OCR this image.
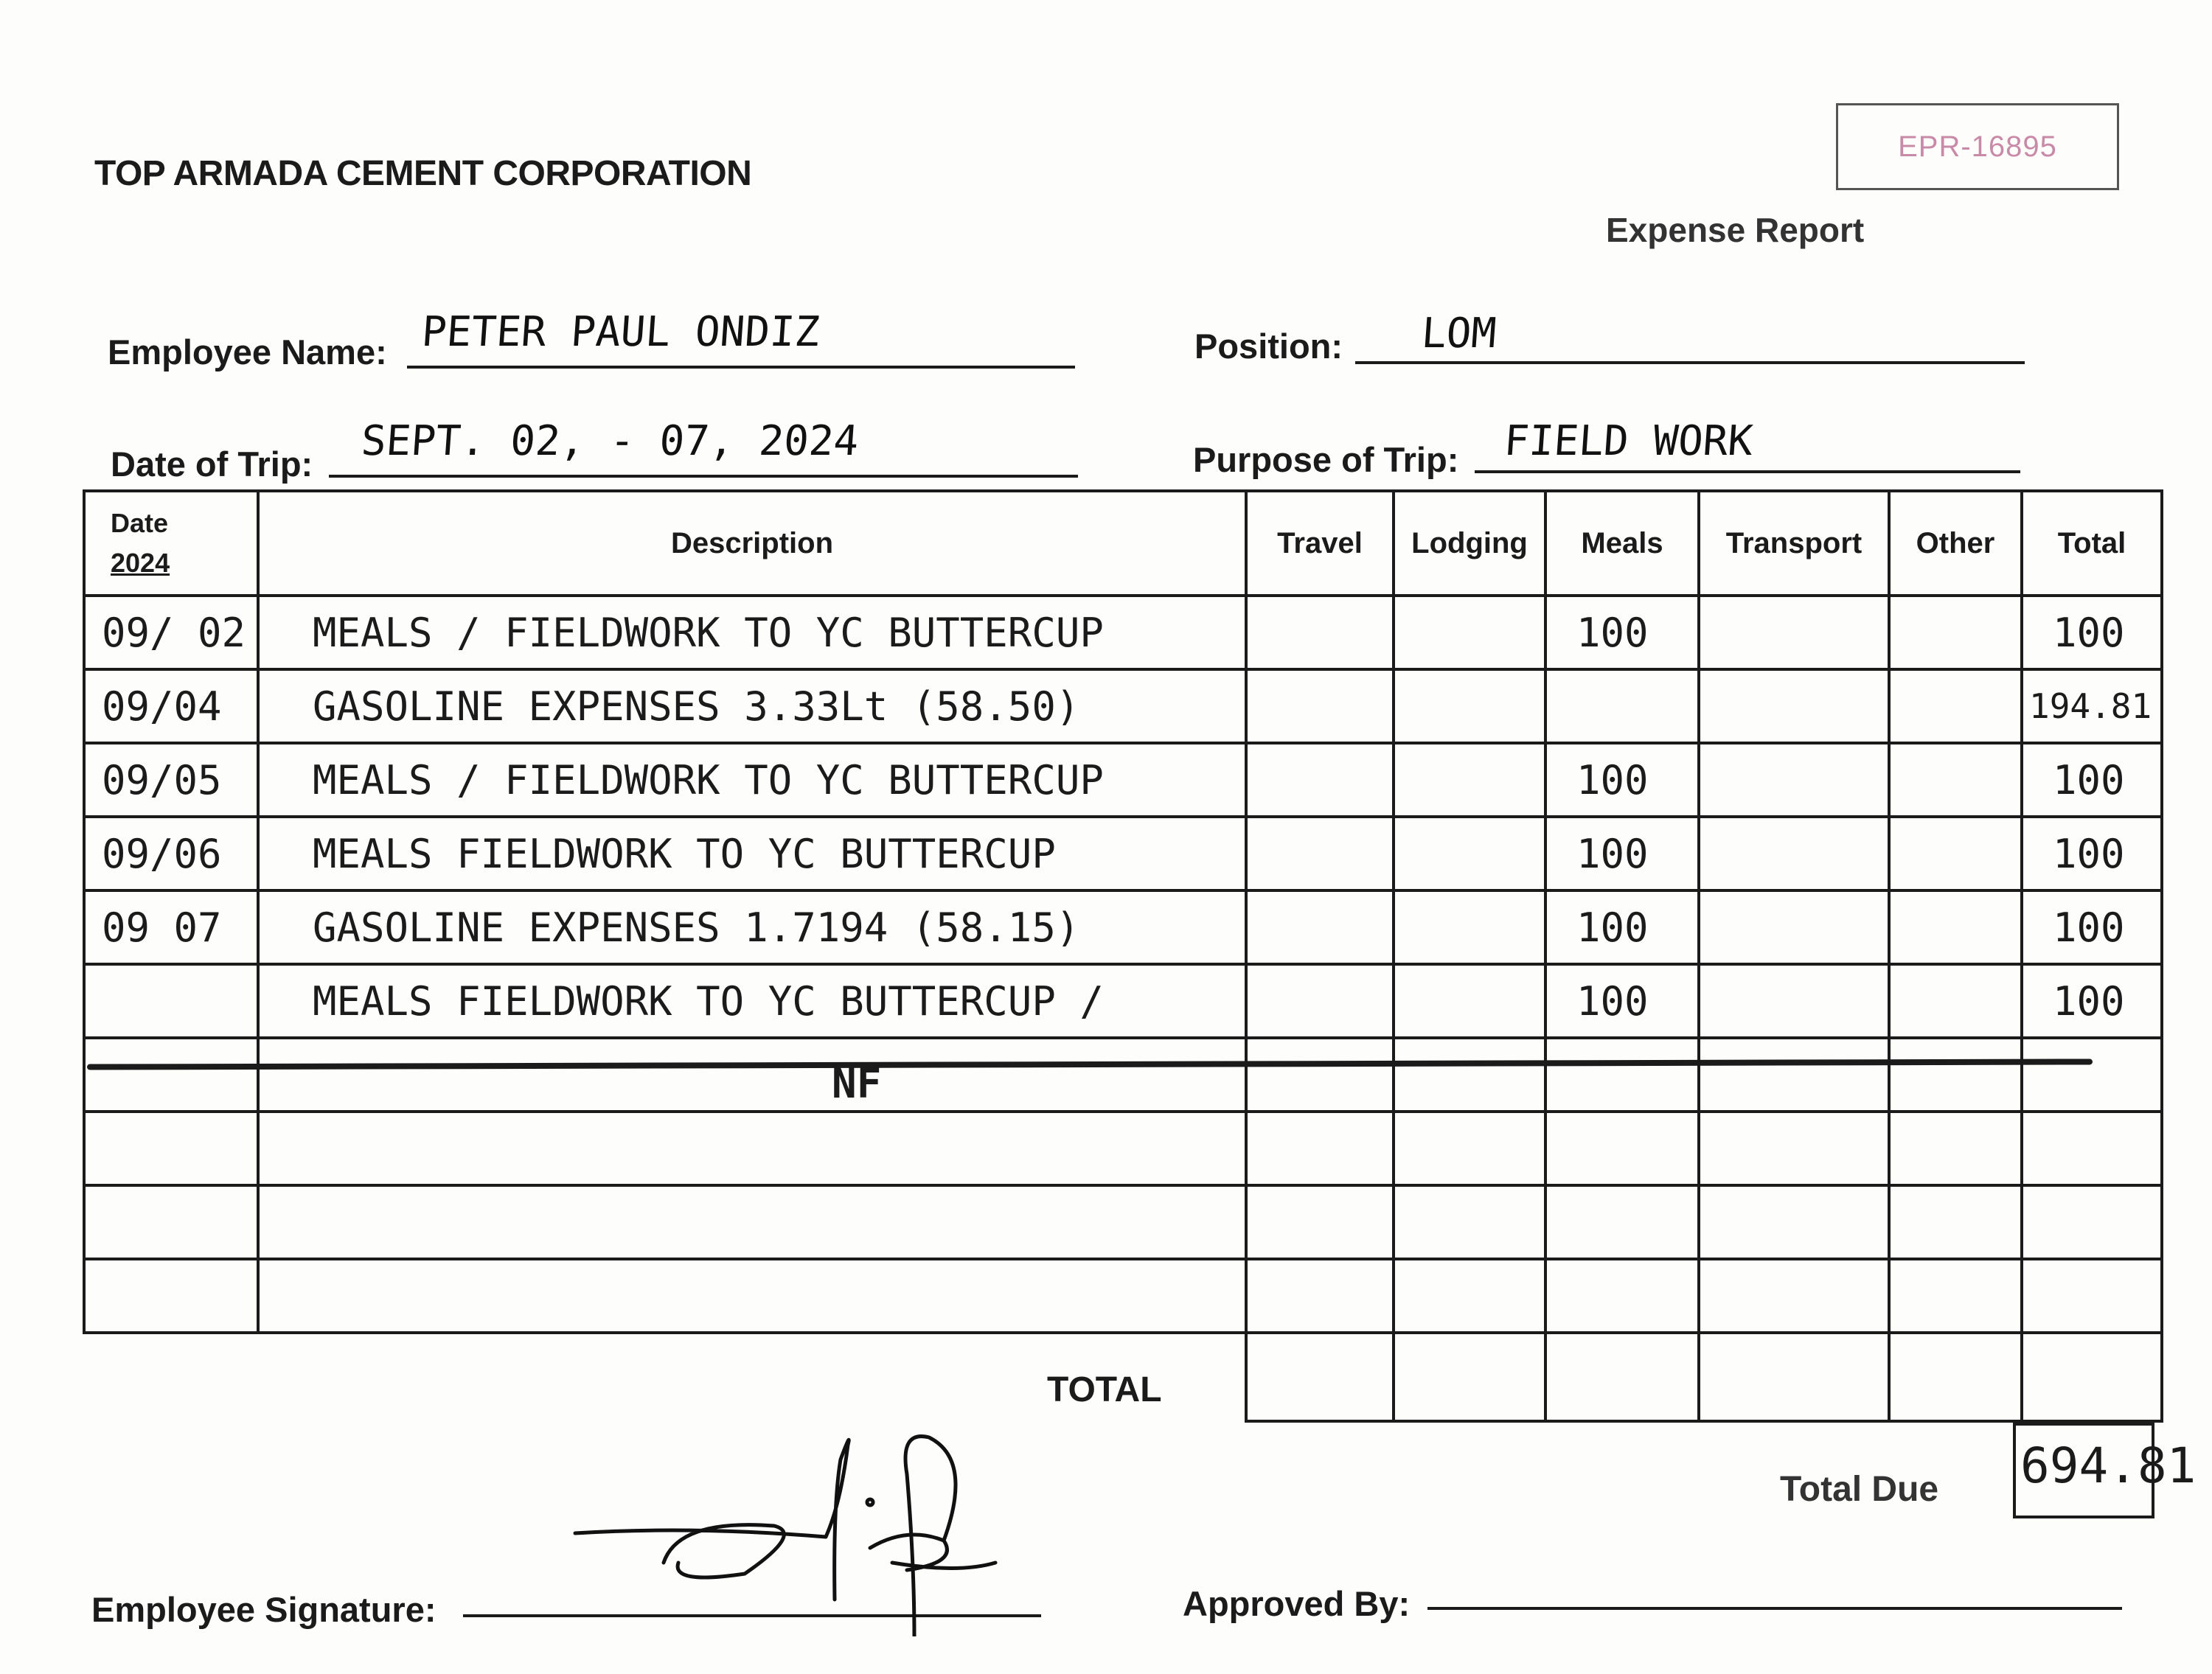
TOP ARMADA CEMENT CORPORATION
EPR-16895
Expense Report
Employee Name: PETER PAUL ONDIZ	Position: LOM
Date of Trip: SEPT. 02, - 07, 2024	Purpose of Trip: FIELD WORK
Date
2024	Description	Travel	Lodging	Meals	Transport	Other	Total
09/ 02	MEALS / FIELDWORK TO YC BUTTERCUP			100			100
09/04	GASOLINE EXPENSES 3.33Lt (58.50)						194.81
09/05	MEALS / FIELDWORK TO YC BUTTERCUP			100			100
09/06	MEALS FIELDWORK TO YC BUTTERCUP			100			100
09 07	GASOLINE EXPENSES 1.7194 (58.15)			100			100
	MEALS FIELDWORK TO YC BUTTERCUP /			100			100

NF

TOTAL
Total Due 694.81
Employee Signature:	Approved By:
